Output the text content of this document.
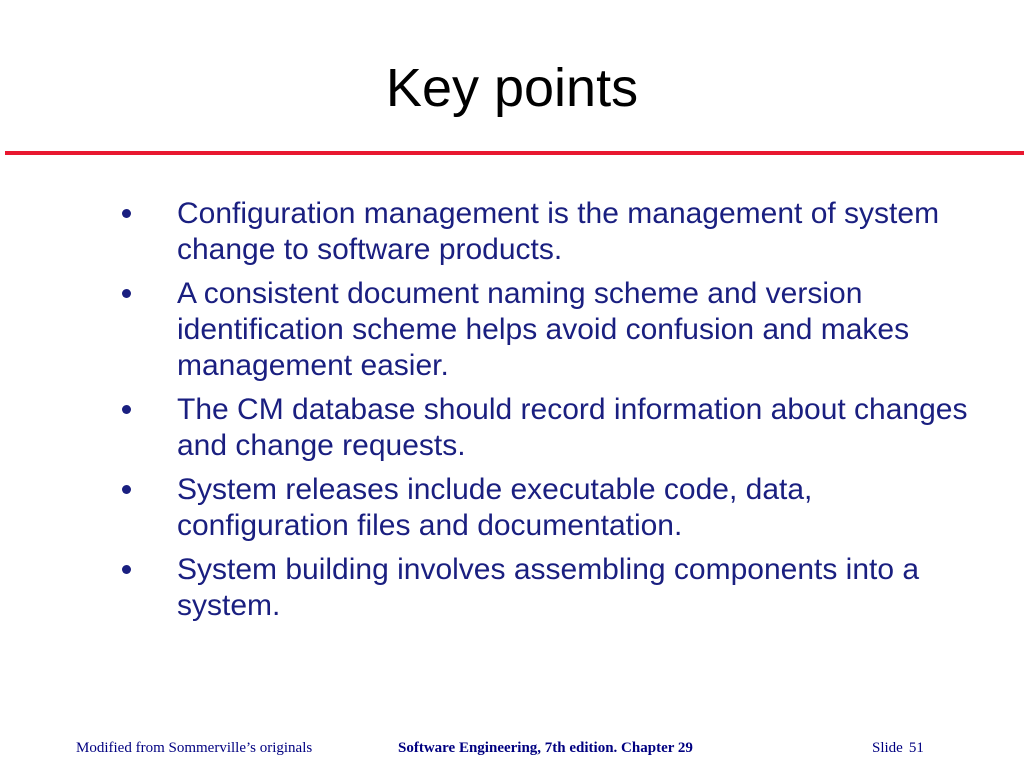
Key points
Configuration management is the management of system change to software products.
A consistent document naming scheme and version identification scheme helps avoid confusion and makes management easier.
The CM database should record information about changes and change requests.
System releases include executable code, data, configuration files and documentation.
System building involves assembling components into a system.
Modified from Sommerville’s originals	Software Engineering, 7th edition. Chapter 29	Slide 51
